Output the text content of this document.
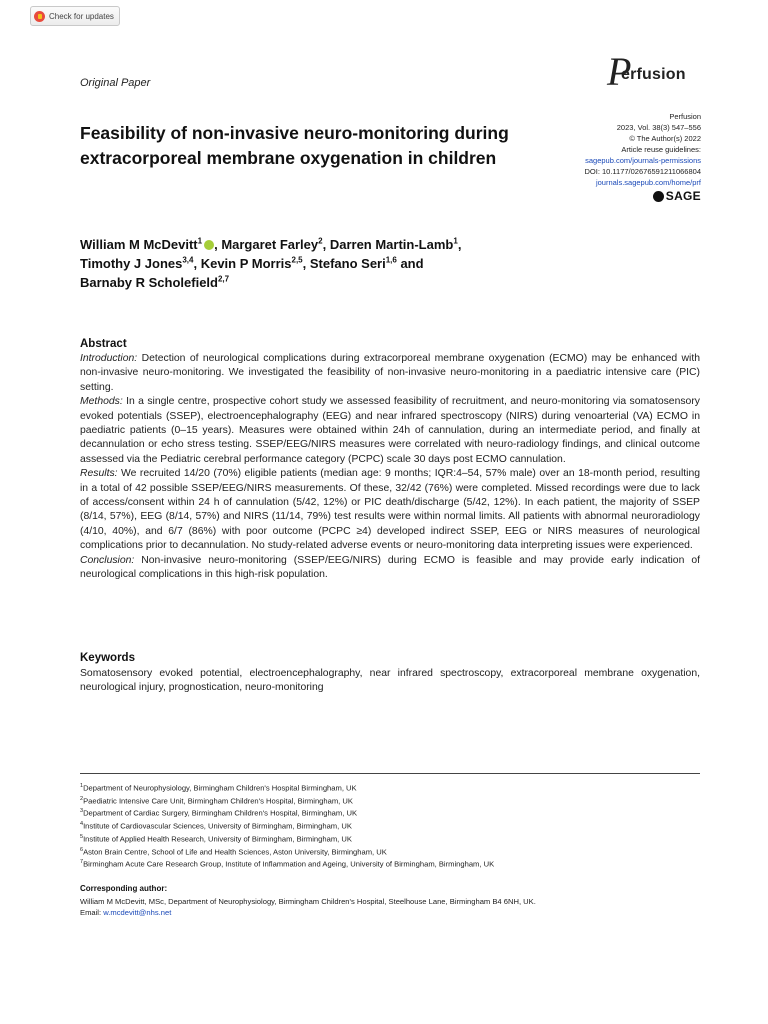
Check for updates
Original Paper	P
erfusion
Perfusion
2023, Vol. 38(3) 547–556
© The Author(s) 2022
Article reuse guidelines:
sagepub.com/journals-permissions
DOI: 10.1177/02676591211066804
journals.sagepub.com/home/prf
SAGE
Feasibility of non-invasive neuro-monitoring during extracorporeal membrane oxygenation in children
William M McDevitt$^1$ , Margaret Farley$^2$, Darren Martin-Lamb$^1$,
Timothy J Jones$^{3,4}$, Kevin P Morris$^{2,5}$, Stefano Seri$^{1,6}$ and
Barnaby R Scholefield$^{2,7}$
Abstract

Introduction: Detection of neurological complications during extracorporeal membrane oxygenation (ECMO) may be enhanced with non-invasive neuro-monitoring. We investigated the feasibility of non-invasive neuro-monitoring in a paediatric intensive care (PIC) setting.

Methods: In a single centre, prospective cohort study we assessed feasibility of recruitment, and neuro-monitoring via somatosensory evoked potentials (SSEP), electroencephalography (EEG) and near infrared spectroscopy (NIRS) during venoarterial (VA) ECMO in paediatric patients (0–15 years). Measures were obtained within 24h of cannulation, during an intermediate period, and finally at decannulation or echo stress testing. SSEP/EEG/NIRS measures were correlated with neuro-radiology findings, and clinical outcome assessed via the Pediatric cerebral performance category (PCPC) scale 30 days post ECMO cannulation.

Results: We recruited 14/20 (70%) eligible patients (median age: 9 months; IQR:4–54, 57% male) over an 18-month period, resulting in a total of 42 possible SSEP/EEG/NIRS measurements. Of these, 32/42 (76%) were completed. Missed recordings were due to lack of access/consent within 24 h of cannulation (5/42, 12%) or PIC death/discharge (5/42, 12%). In each patient, the majority of SSEP (8/14, 57%), EEG (8/14, 57%) and NIRS (11/14, 79%) test results were within normal limits. All patients with abnormal neuroradiology (4/10, 40%), and 6/7 (86%) with poor outcome (PCPC ≥4) developed indirect SSEP, EEG or NIRS measures of neurological complications prior to decannulation. No study-related adverse events or neuro-monitoring data interpreting issues were experienced.

Conclusion: Non-invasive neuro-monitoring (SSEP/EEG/NIRS) during ECMO is feasible and may provide early indication of neurological complications in this high-risk population.

Keywords
Somatosensory evoked potential, electroencephalography, near infrared spectroscopy, extracorporeal membrane oxygenation, neurological injury, prognostication, neuro-monitoring
$^1$Department of Neurophysiology, Birmingham Children's Hospital Birmingham, UK
$^2$Paediatric Intensive Care Unit, Birmingham Children's Hospital, Birmingham, UK
$^3$Department of Cardiac Surgery, Birmingham Children's Hospital, Birmingham, UK
$^4$Institute of Cardiovascular Sciences, University of Birmingham, Birmingham, UK
$^5$Institute of Applied Health Research, University of Birmingham, Birmingham, UK
$^6$Aston Brain Centre, School of Life and Health Sciences, Aston University, Birmingham, UK
$^7$Birmingham Acute Care Research Group, Institute of Inflammation and Ageing, University of Birmingham, Birmingham, UK
Corresponding author:
William M McDevitt, MSc, Department of Neurophysiology, Birmingham Children's Hospital, Steelhouse Lane, Birmingham B4 6NH, UK.
Email: w.mcdevitt@nhs.net
